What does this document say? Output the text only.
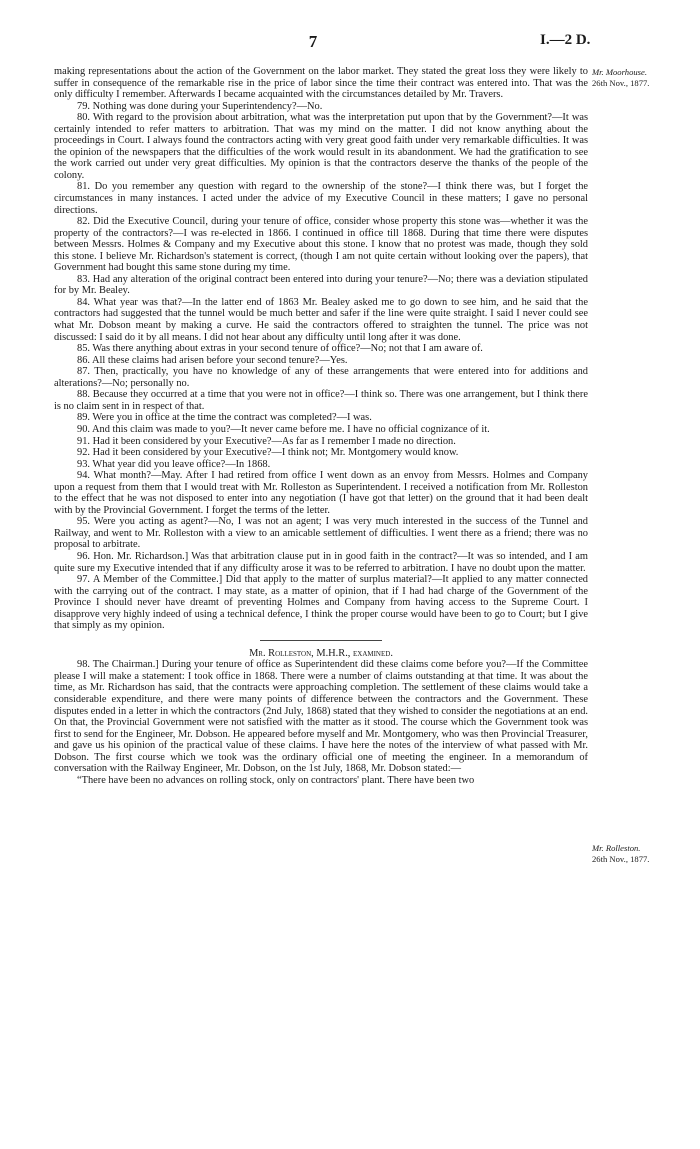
7	I.—2 D.
Mr. Moorhouse.
26th Nov., 1877.
Mr. Rolleston.
26th Nov., 1877.

making representations about the action of the Government on the labor market. They stated the great loss they were likely to suffer in consequence of the remarkable rise in the price of labor since the time their contract was entered into. That was the only difficulty I remember. Afterwards I became acquainted with the circumstances detailed by Mr. Travers.

79. Nothing was done during your Superintendency?—No.

80. With regard to the provision about arbitration, what was the interpretation put upon that by the Government?—It was certainly intended to refer matters to arbitration. That was my mind on the matter. I did not know anything about the proceedings in Court. I always found the contractors acting with very great good faith under very remarkable difficulties. It was the opinion of the newspapers that the difficulties of the work would result in its abandonment. We had the gratification to see the work carried out under very great difficulties. My opinion is that the contractors deserve the thanks of the people of the colony.

81. Do you remember any question with regard to the ownership of the stone?—I think there was, but I forget the circumstances in many instances. I acted under the advice of my Executive Council in these matters; I gave no personal directions.

82. Did the Executive Council, during your tenure of office, consider whose property this stone was—whether it was the property of the contractors?—I was re-elected in 1866. I continued in office till 1868. During that time there were disputes between Messrs. Holmes & Company and my Executive about this stone. I know that no protest was made, though they sold this stone. I believe Mr. Richardson's statement is correct, (though I am not quite certain without looking over the papers), that Government had bought this same stone during my time.

83. Had any alteration of the original contract been entered into during your tenure?—No; there was a deviation stipulated for by Mr. Bealey.

84. What year was that?—In the latter end of 1863 Mr. Bealey asked me to go down to see him, and he said that the contractors had suggested that the tunnel would be much better and safer if the line were quite straight. I said I never could see what Mr. Dobson meant by making a curve. He said the contractors offered to straighten the tunnel. The price was not discussed: I said do it by all means. I did not hear about any difficulty until long after it was done.

85. Was there anything about extras in your second tenure of office?—No; not that I am aware of.

86. All these claims had arisen before your second tenure?—Yes.

87. Then, practically, you have no knowledge of any of these arrangements that were entered into for additions and alterations?—No; personally no.

88. Because they occurred at a time that you were not in office?—I think so. There was one arrangement, but I think there is no claim sent in in respect of that.

89. Were you in office at the time the contract was completed?—I was.

90. And this claim was made to you?—It never came before me. I have no official cognizance of it.

91. Had it been considered by your Executive?—As far as I remember I made no direction.

92. Had it been considered by your Executive?—I think not; Mr. Montgomery would know.

93. What year did you leave office?—In 1868.

94. What month?—May. After I had retired from office I went down as an envoy from Messrs. Holmes and Company upon a request from them that I would treat with Mr. Rolleston as Superintendent. I received a notification from Mr. Rolleston to the effect that he was not disposed to enter into any negotiation (I have got that letter) on the ground that it had been dealt with by the Provincial Government. I forget the terms of the letter.

95. Were you acting as agent?—No, I was not an agent; I was very much interested in the success of the Tunnel and Railway, and went to Mr. Rolleston with a view to an amicable settlement of difficulties. I went there as a friend; there was no proposal to arbitrate.

96. Hon. Mr. Richardson.] Was that arbitration clause put in in good faith in the contract?—It was so intended, and I am quite sure my Executive intended that if any difficulty arose it was to be referred to arbitration. I have no doubt upon the matter.

97. A Member of the Committee.] Did that apply to the matter of surplus material?—It applied to any matter connected with the carrying out of the contract. I may state, as a matter of opinion, that if I had had charge of the Government of the Province I should never have dreamt of preventing Holmes and Company from having access to the Supreme Court. I disapprove very highly indeed of using a technical defence, I think the proper course would have been to go to Court; but I give that simply as my opinion.

Mr. Rolleston, M.H.R., examined.

98. The Chairman.] During your tenure of office as Superintendent did these claims come before you?—If the Committee please I will make a statement: I took office in 1868. There were a number of claims outstanding at that time. It was about the time, as Mr. Richardson has said, that the contracts were approaching completion. The settlement of these claims would take a considerable expenditure, and there were many points of difference between the contractors and the Government. These disputes ended in a letter in which the contractors (2nd July, 1868) stated that they wished to consider the negotiations at an end. On that, the Provincial Government were not satisfied with the matter as it stood. The course which the Government took was first to send for the Engineer, Mr. Dobson. He appeared before myself and Mr. Montgomery, who was then Provincial Treasurer, and gave us his opinion of the practical value of these claims. I have here the notes of the interview of what passed with Mr. Dobson. The first course which we took was the ordinary official one of meeting the engineer. In a memorandum of conversation with the Railway Engineer, Mr. Dobson, on the 1st July, 1868, Mr. Dobson stated:—

“There have been no advances on rolling stock, only on contractors' plant. There have been two
